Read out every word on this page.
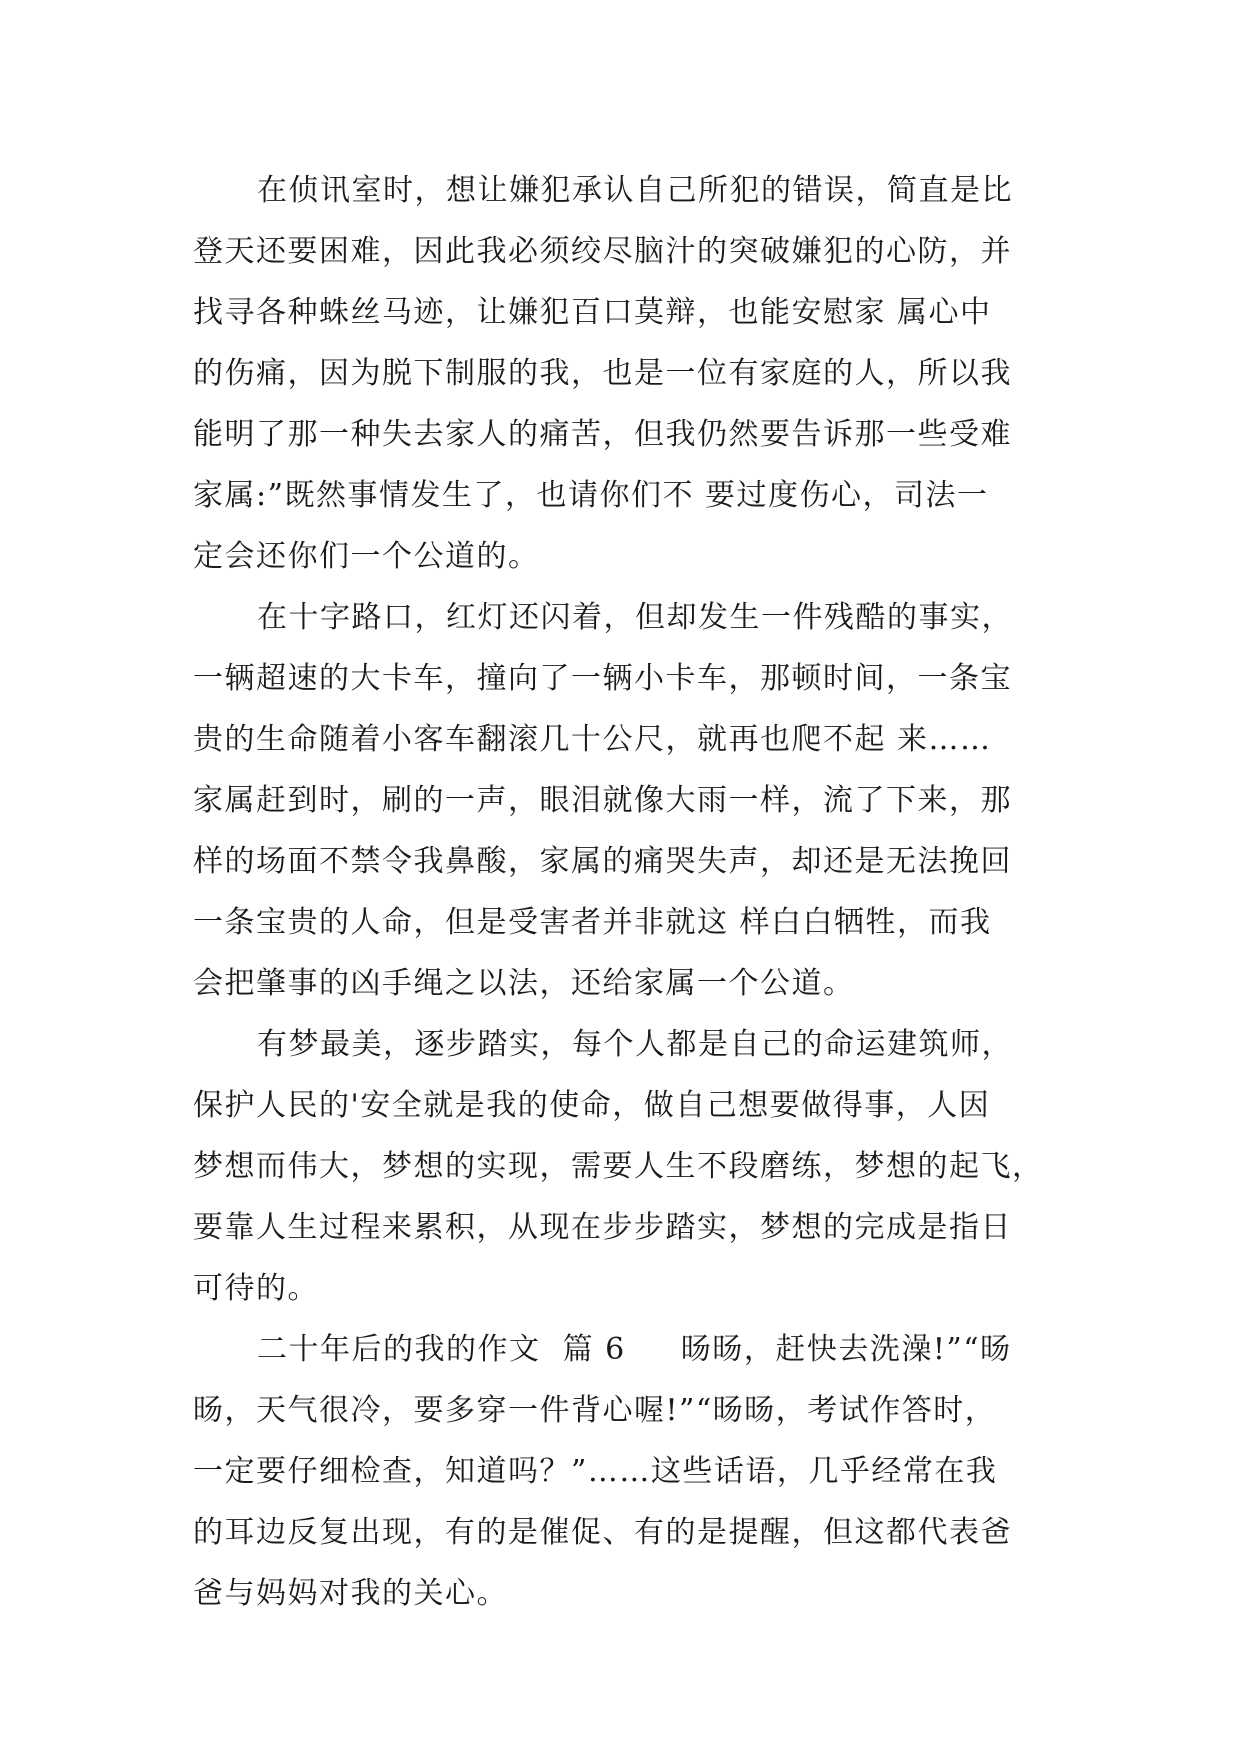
在侦讯室时，想让嫌犯承认自己所犯的错误，简直是比
登天还要困难，因此我必须绞尽脑汁的突破嫌犯的心防，并
找寻各种蛛丝马迹，让嫌犯百口莫辩，也能安慰家 属心中
的伤痛，因为脱下制服的我，也是一位有家庭的人，所以我
能明了那一种失去家人的痛苦，但我仍然要告诉那一些受难
家属:”既然事情发生了，也请你们不 要过度伤心，司法一
定会还你们一个公道的。
在十字路口，红灯还闪着，但却发生一件残酷的事实，
一辆超速的大卡车，撞向了一辆小卡车，那顿时间，一条宝
贵的生命随着小客车翻滚几十公尺，就再也爬不起 来……
家属赶到时，刷的一声，眼泪就像大雨一样，流了下来，那
样的场面不禁令我鼻酸，家属的痛哭失声，却还是无法挽回
一条宝贵的人命，但是受害者并非就这 样白白牺牲，而我
会把肇事的凶手绳之以法，还给家属一个公道。
有梦最美，逐步踏实，每个人都是自己的命运建筑师，
保护人民的'安全就是我的使命，做自己想要做得事，人因
梦想而伟大，梦想的实现，需要人生不段磨练，梦想的起飞，
要靠人生过程来累积，从现在步步踏实，梦想的完成是指日
可待的。
二十年后的我的作文  篇 6     旸旸，赶快去洗澡!”“旸
旸，天气很冷，要多穿一件背心喔!”“旸旸，考试作答时，
一定要仔细检查，知道吗？”……这些话语，几乎经常在我
的耳边反复出现，有的是催促、有的是提醒，但这都代表爸
爸与妈妈对我的关心。
